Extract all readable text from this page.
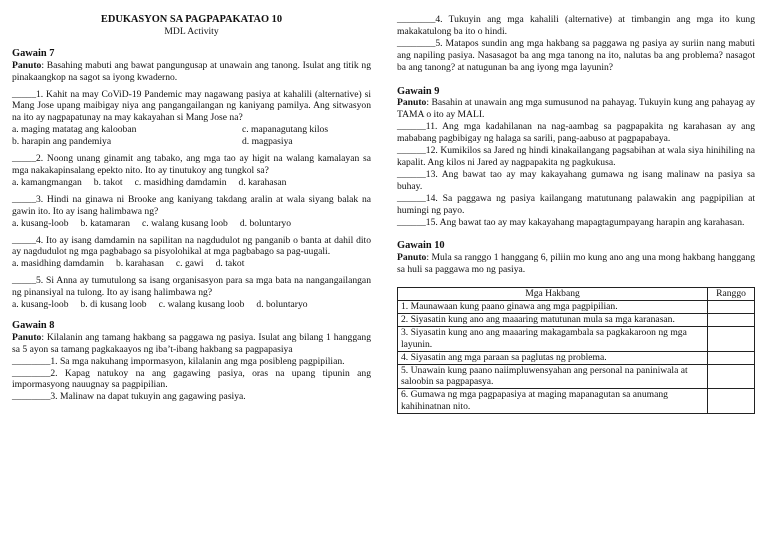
EDUKASYON SA PAGPAPAKATAO 10
MDL Activity
Gawain 7
Panuto: Basahing mabuti ang bawat pangungusap at unawain ang tanong. Isulat ang titik ng pinakaangkop na sagot sa iyong kwaderno.
_____1. Kahit na may CoViD-19 Pandemic may nagawang pasiya at kahalili (alternative) si Mang Jose upang maibigay niya ang pangangailangan ng kaniyang pamilya. Ang sitwasyon na ito ay nagpapatunay na may kakayahan si Mang Jose na?
a. maging matatag ang kalooban	c. mapanagutang kilos
b. harapin ang pandemiya	d. magpasiya
_____2. Noong unang ginamit ang tabako, ang mga tao ay higit na walang kamalayan sa mga nakakapinsalang epekto nito. Ito ay tinutukoy ang tungkol sa?
a. kamangmangan b. takot c. masidhing damdamin d. karahasan
_____3. Hindi na ginawa ni Brooke ang kaniyang takdang aralin at wala siyang balak na gawin ito. Ito ay isang halimbawa ng?
a. kusang-loob b. katamaran c. walang kusang loob d. boluntaryo
_____4. Ito ay isang damdamin na sapilitan na nagdudulot ng panganib o banta at dahil dito ay nagdudulot ng mga pagbabago sa pisyolohikal at mga pagbabago sa pag-uugali.
a. masidhing damdamin b. karahasan c. gawi d. takot
_____5. Si Anna ay tumutulong sa isang organisasyon para sa mga bata na nangangailangan ng pinansiyal na tulong. Ito ay isang halimbawa ng?
a. kusang-loob b. di kusang loob c. walang kusang loob d. boluntaryo
Gawain 8
Panuto: Kilalanin ang tamang hakbang sa paggawa ng pasiya. Isulat ang bilang 1 hanggang sa 5 ayon sa tamang pagkakaayos ng iba’t-ibang hakbang sa pagpapasiya
________1. Sa mga nakuhang impormasyon, kilalanin ang mga posibleng pagpipilian.
________2. Kapag natukoy na ang gagawing pasiya, oras na upang tipunin ang impormasyong nauugnay sa pagpipilian.
________3. Malinaw na dapat tukuyin ang gagawing pasiya.
________4. Tukuyin ang mga kahalili (alternative) at timbangin ang mga ito kung makakatulong ba ito o hindi.
________5. Matapos sundin ang mga hakbang sa paggawa ng pasiya ay suriin nang mabuti ang napiling pasiya. Nasasagot ba ang mga tanong na ito, nalutas ba ang problema? nasagot ba ang tanong? at natugunan ba ang iyong mga layunin?
Gawain 9
Panuto: Basahin at unawain ang mga sumusunod na pahayag. Tukuyin kung ang pahayag ay TAMA o ito ay MALI.
______11. Ang mga kadahilanan na nag-aambag sa pagpapakita ng karahasan ay ang mababang pagbibigay ng halaga sa sarili, pang-aabuso at pagpapabaya.
______12. Kumikilos sa Jared ng hindi kinakailangang pagsabihan at wala siya hinihiling na kapalit. Ang kilos ni Jared ay nagpapakita ng pagkukusa.
______13. Ang bawat tao ay may kakayahang gumawa ng isang malinaw na pasiya sa buhay.
______14. Sa paggawa ng pasiya kailangang matutunang palawakin ang pagpipilian at humingi ng payo.
______15. Ang bawat tao ay may kakayahang mapagtagumpayang harapin ang karahasan.
Gawain 10
Panuto: Mula sa ranggo 1 hanggang 6, piliin mo kung ano ang una mong hakbang hanggang sa huli sa paggawa mo ng pasiya.
Mga Hakbang	Ranggo
1. Maunawaan kung paano ginawa ang mga pagpipilian.	
2. Siyasatin kung ano ang maaaring matutunan mula sa mga karanasan.	
3. Siyasatin kung ano ang maaaring makagambala sa pagkakaroon ng mga layunin.	
4. Siyasatin ang mga paraan sa paglutas ng problema.	
5. Unawain kung paano naiimpluwensyahan ang personal na paniniwala at saloobin sa pagpapasya.	
6. Gumawa ng mga pagpapasiya at maging mapanagutan sa anumang kahihinatnan nito.	
